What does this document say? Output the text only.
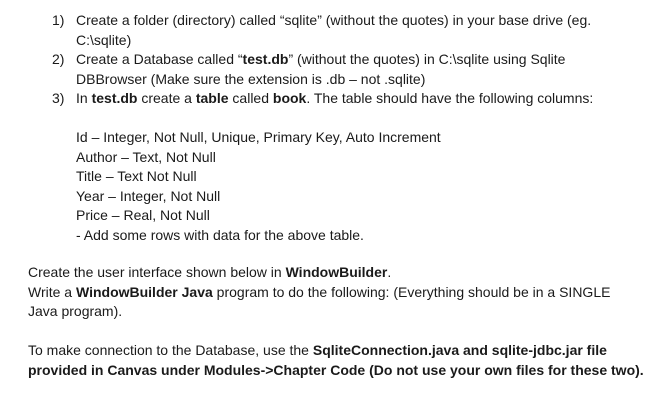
1) Create a folder (directory) called “sqlite” (without the quotes) in your base drive (eg.
C:\sqlite)
2) Create a Database called “test.db” (without the quotes) in C:\sqlite using Sqlite
DBBrowser (Make sure the extension is .db – not .sqlite)
3) In test.db create a table called book. The table should have the following columns:
Id – Integer, Not Null, Unique, Primary Key, Auto Increment
Author – Text, Not Null
Title – Text Not Null
Year – Integer, Not Null
Price – Real, Not Null
- Add some rows with data for the above table.
Create the user interface shown below in WindowBuilder.
Write a WindowBuilder Java program to do the following: (Everything should be in a SINGLE
Java program).
To make connection to the Database, use the SqliteConnection.java and sqlite-jdbc.jar file
provided in Canvas under Modules->Chapter Code (Do not use your own files for these two).
